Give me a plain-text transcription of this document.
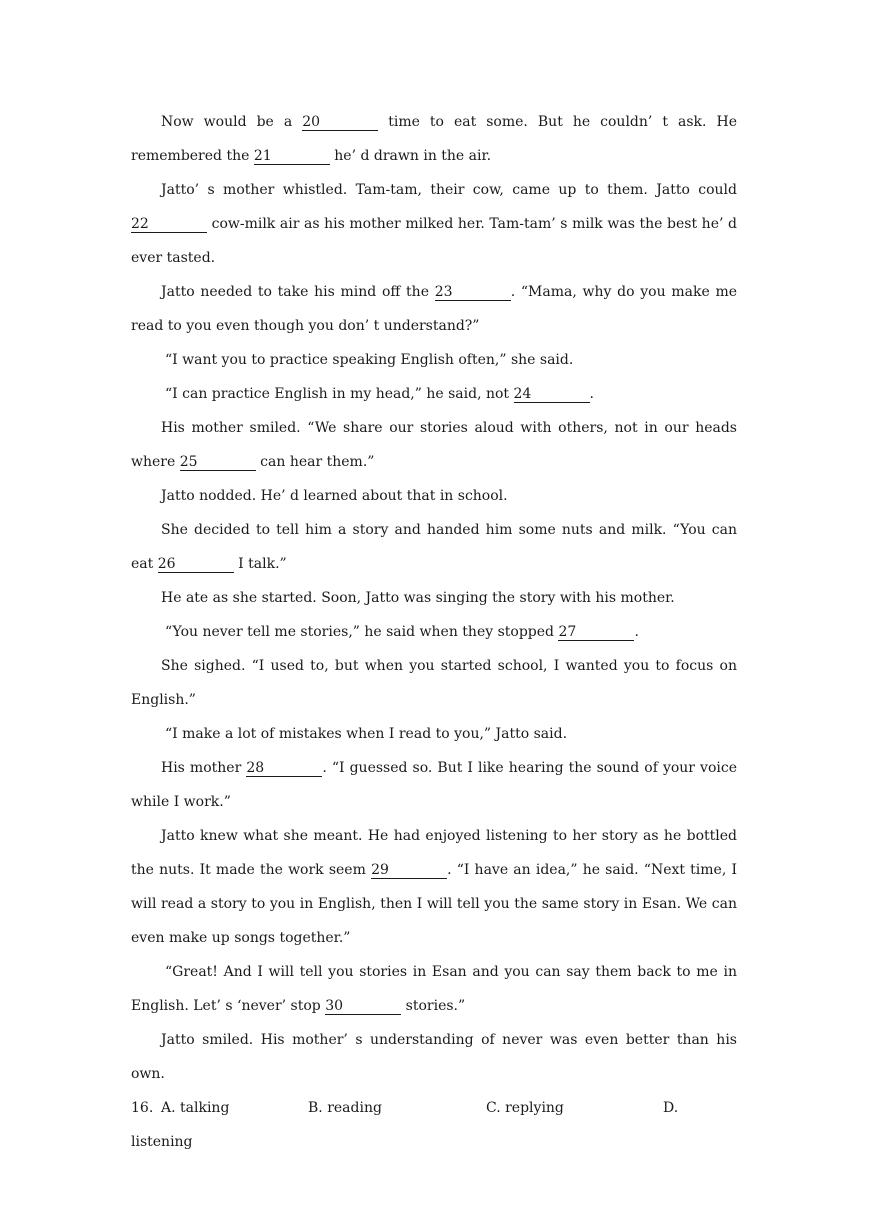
Now would be a 20	time to eat some. But he couldn’ t ask. He remembered the 21	he’ d drawn in the air.

Jatto’ s mother whistled. Tam-tam, their cow, came up to them. Jatto could 22	cow-milk air as his mother milked her. Tam-tam’ s milk was the best he’ d ever tasted.

Jatto needed to take his mind off the 23	. “Mama, why do you make me read to you even though you don’ t understand?”

“I want you to practice speaking English often,” she said.

“I can practice English in my head,” he said, not 24	.

His mother smiled. “We share our stories aloud with others, not in our heads where 25	can hear them.”

Jatto nodded. He’ d learned about that in school.

She decided to tell him a story and handed him some nuts and milk. “You can eat 26	I talk.”

He ate as she started. Soon, Jatto was singing the story with his mother.

“You never tell me stories,” he said when they stopped 27	.

She sighed. “I used to, but when you started school, I wanted you to focus on English.”

“I make a lot of mistakes when I read to you,” Jatto said.

His mother 28	. “I guessed so. But I like hearing the sound of your voice while I work.”

Jatto knew what she meant. He had enjoyed listening to her story as he bottled the nuts. It made the work seem 29	. “I have an idea,” he said. “Next time, I will read a story to you in English, then I will tell you the same story in Esan. We can even make up songs together.”

“Great! And I will tell you stories in Esan and you can say them back to me in English. Let’ s ‘never’ stop 30	stories.”

Jatto smiled. His mother’ s understanding of never was even better than his own.

16. A. talking	B. reading	C. replying	D.
listening
